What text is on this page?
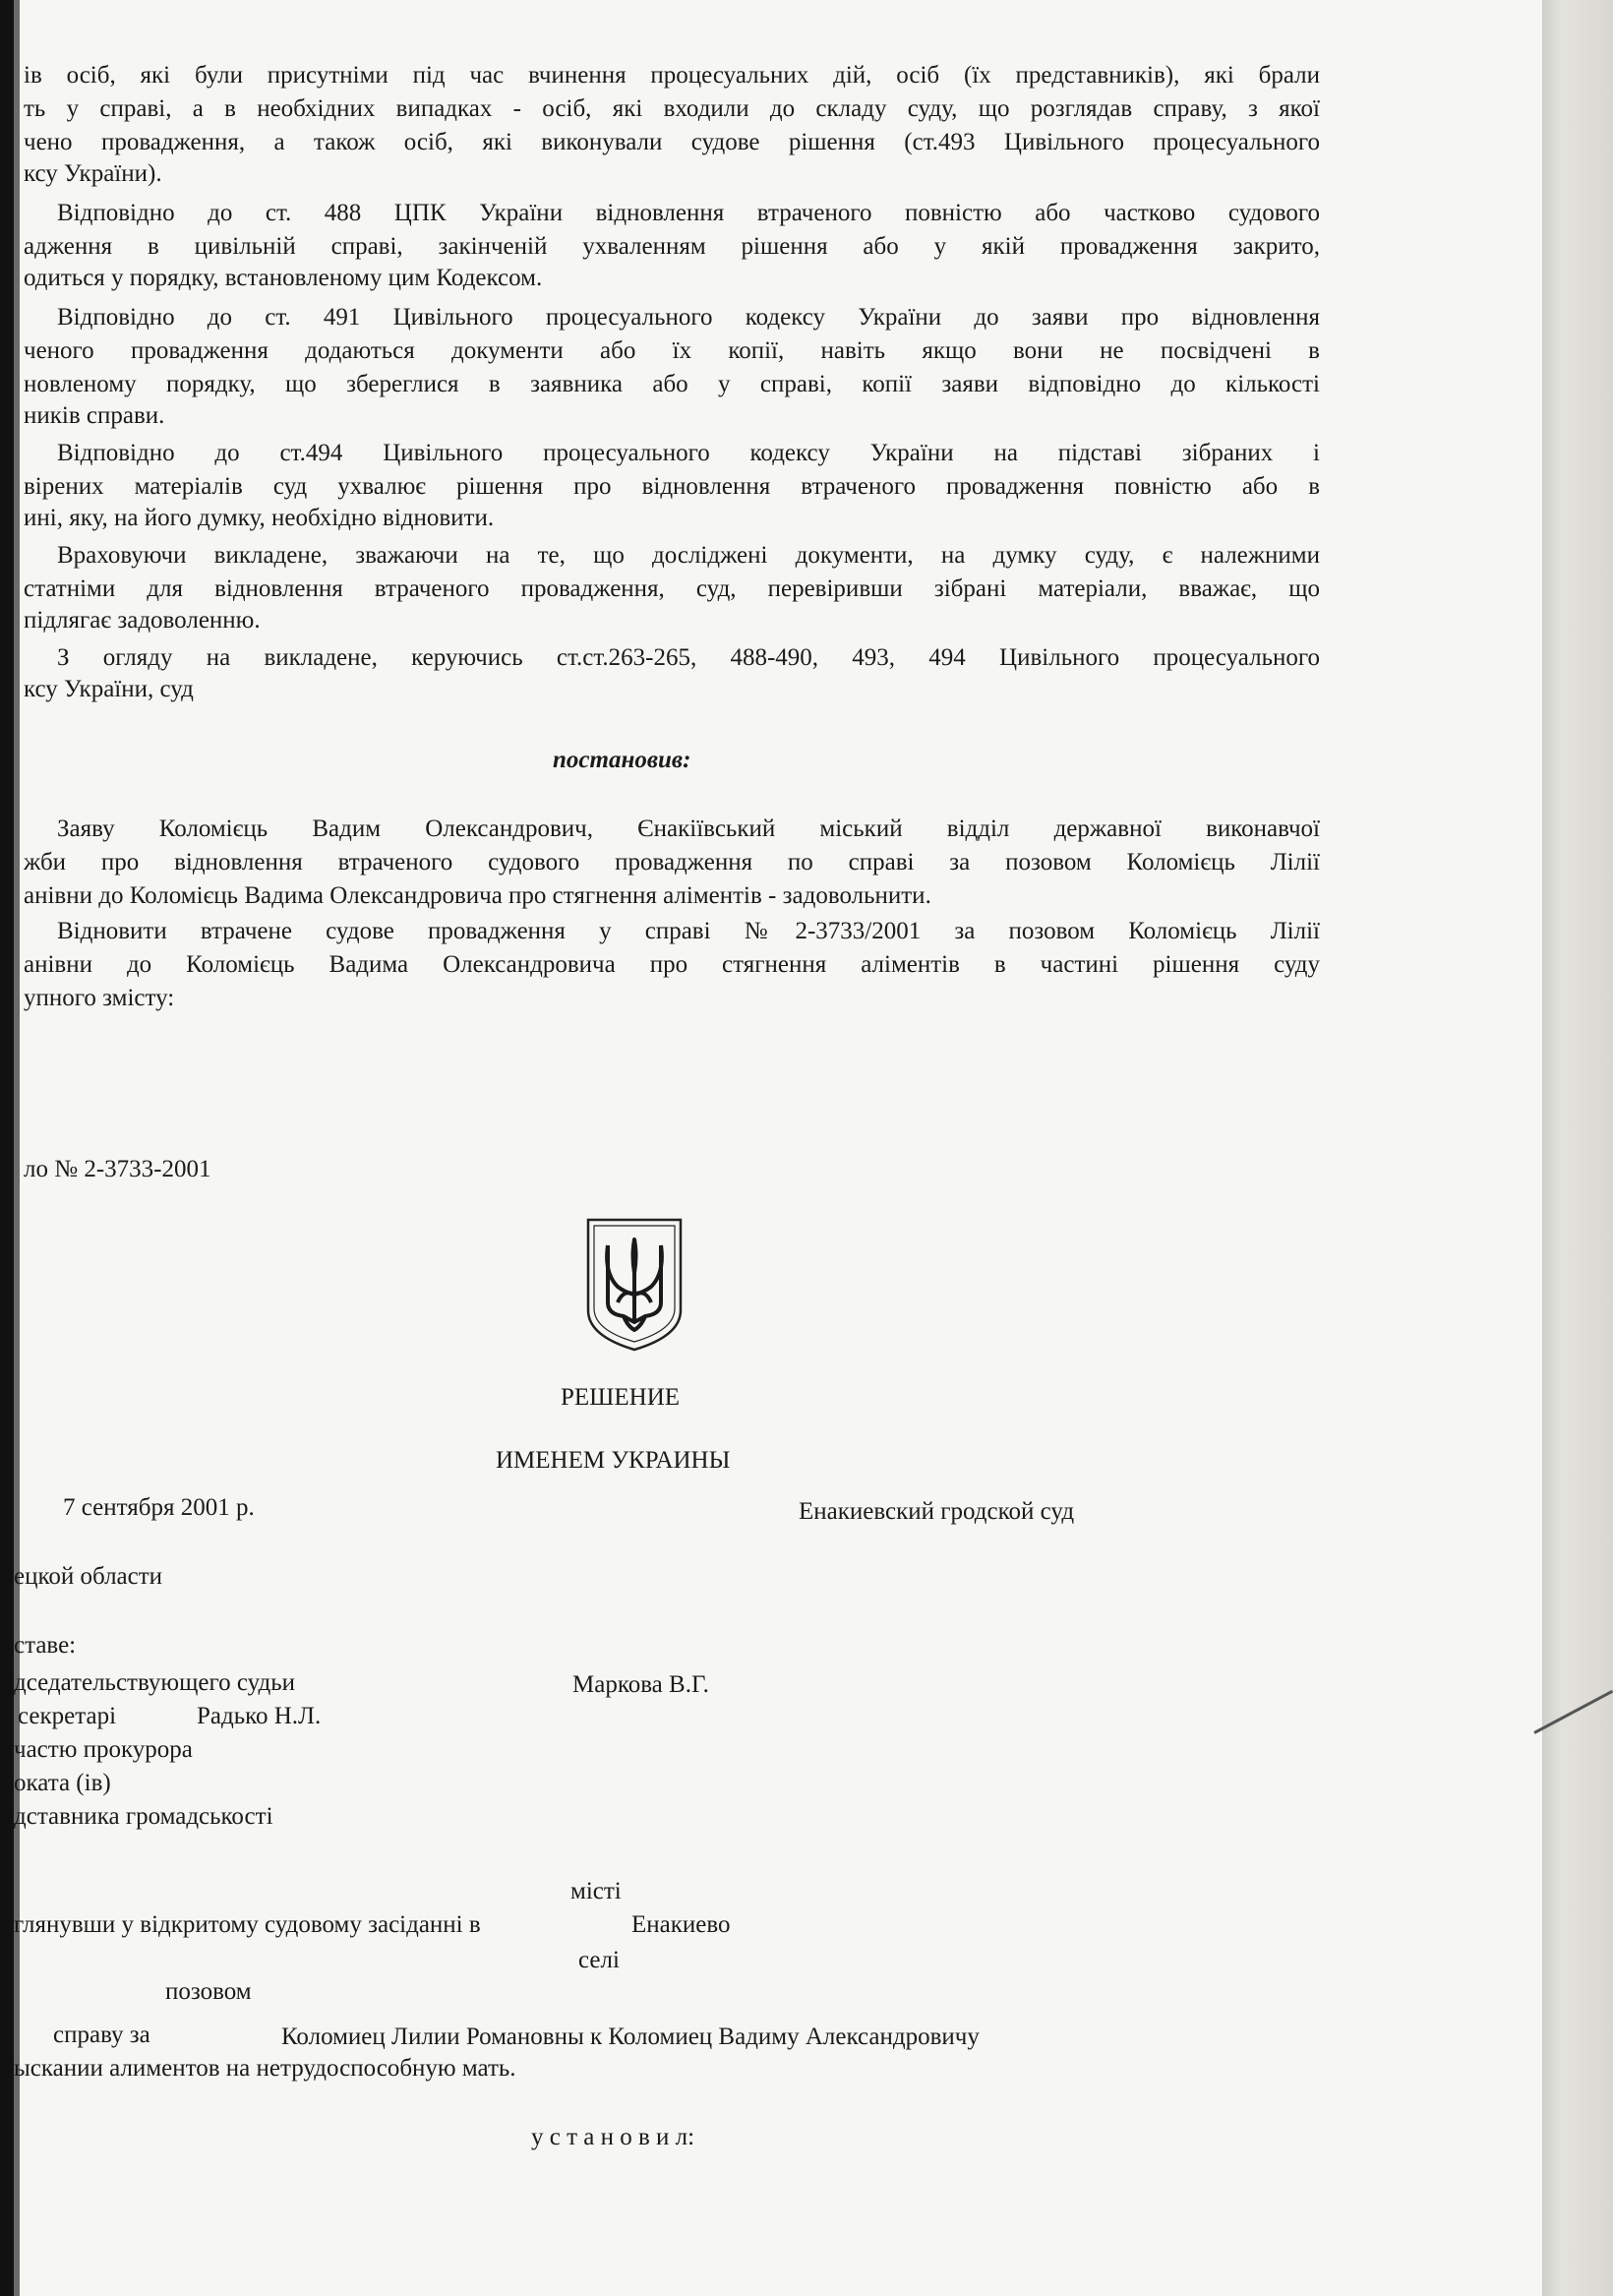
ів осіб, які були присутніми під час вчинення процесуальних дій, осіб (їх представників), які брали
ть у справі, а в необхідних випадках - осіб, які входили до складу суду, що розглядав справу, з якої
чено провадження, а також осіб, які виконували судове рішення (ст.493 Цивільного процесуального
ксу України).
Відповідно до ст. 488 ЦПК України відновлення втраченого повністю або частково судового
адження в цивільній справі, закінченій ухваленням рішення або у якій провадження закрито,
одиться у порядку, встановленому цим Кодексом.
Відповідно до ст. 491 Цивільного процесуального кодексу України до заяви про відновлення
ченого провадження додаються документи або їх копії, навіть якщо вони не посвідчені в
новленому порядку, що збереглися в заявника або у справі, копії заяви відповідно до кількості
ників справи.
Відповідно до ст.494 Цивільного процесуального кодексу України на підставі зібраних і
вірених матеріалів суд ухвалює рішення про відновлення втраченого провадження повністю або в
ині, яку, на його думку, необхідно відновити.
Враховуючи викладене, зважаючи на те, що досліджені документи, на думку суду, є належними
статніми для відновлення втраченого провадження, суд, перевіривши зібрані матеріали, вважає, що
підлягає задоволенню.
З огляду на викладене, керуючись ст.ст.263-265, 488-490, 493, 494 Цивільного процесуального
ксу України, суд
постановив:
Заяву Коломієць Вадим Олександрович, Єнакіївський міський відділ державної виконавчої
жби про відновлення втраченого судового провадження по справі за позовом Коломієць Лілії
анівни до Коломієць Вадима Олександровича про стягнення аліментів - задовольнити.
Відновити втрачене судове провадження у справі №2-3733/2001 за позовом Коломієць Лілії
анівни до Коломієць Вадима Олександровича про стягнення аліментів в частині рішення суду
упного змісту:
ло № 2-3733-2001
РЕШЕНИЕ
ИМЕНЕМ УКРАИНЫ
7 сентября 2001 р.	Енакиевский гродской суд
ецкой области
ставе:
дседательствующего судьи	Маркова В.Г.
секретарі	Радько Н.Л.
частю прокурора
оката (ів)
дставника громадськості
місті
глянувши у відкритому судовому засіданні в	Енакиево
селі
позовом
справу за	Коломиец Лилии Романовны к Коломиец Вадиму Александровичу
ыскании алиментов на нетрудоспособную мать.
у с т а н о в и л:
